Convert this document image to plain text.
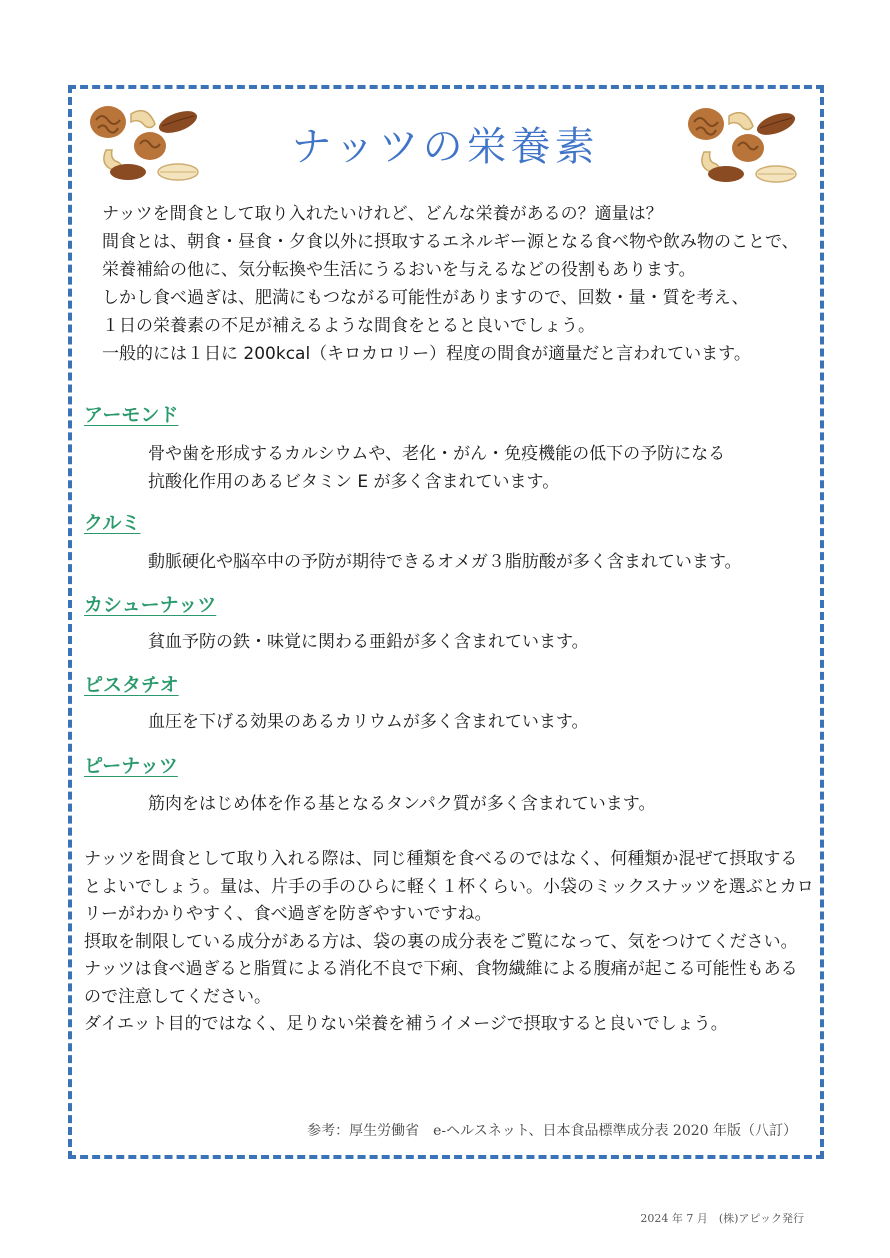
ナッツの栄養素

ナッツを間食として取り入れたいけれど、どんな栄養があるの？適量は？

間食とは、朝食・昼食・夕食以外に摂取するエネルギー源となる食べ物や飲み物のことで、栄養補給の他に、気分転換や生活にうるおいを与えるなどの役割もあります。

しかし食べ過ぎは、肥満にもつながる可能性がありますので、回数・量・質を考え、

１日の栄養素の不足が補えるような間食をとると良いでしょう。

一般的には１日に 200kcal（キロカロリー）程度の間食が適量だと言われています。

アーモンド

骨や歯を形成するカルシウムや、老化・がん・免疫機能の低下の予防になる

抗酸化作用のあるビタミン E が多く含まれています。

クルミ

動脈硬化や脳卒中の予防が期待できるオメガ３脂肪酸が多く含まれています。

カシューナッツ

貧血予防の鉄・味覚に関わる亜鉛が多く含まれています。

ピスタチオ

血圧を下げる効果のあるカリウムが多く含まれています。

ピーナッツ

筋肉をはじめ体を作る基となるタンパク質が多く含まれています。

ナッツを間食として取り入れる際は、同じ種類を食べるのではなく、何種類か混ぜて摂取するとよいでしょう。量は、片手の手のひらに軽く１杯くらい。小袋のミックスナッツを選ぶとカロリーがわかりやすく、食べ過ぎを防ぎやすいですね。

摂取を制限している成分がある方は、袋の裏の成分表をご覧になって、気をつけてください。

ナッツは食べ過ぎると脂質による消化不良で下痢、食物繊維による腹痛が起こる可能性もあるので注意してください。

ダイエット目的ではなく、足りない栄養を補うイメージで摂取すると良いでしょう。

参考：厚生労働省　e-ヘルスネット、日本食品標準成分表 2020 年版（八訂）
2024 年 7 月　(株)アピック発行
